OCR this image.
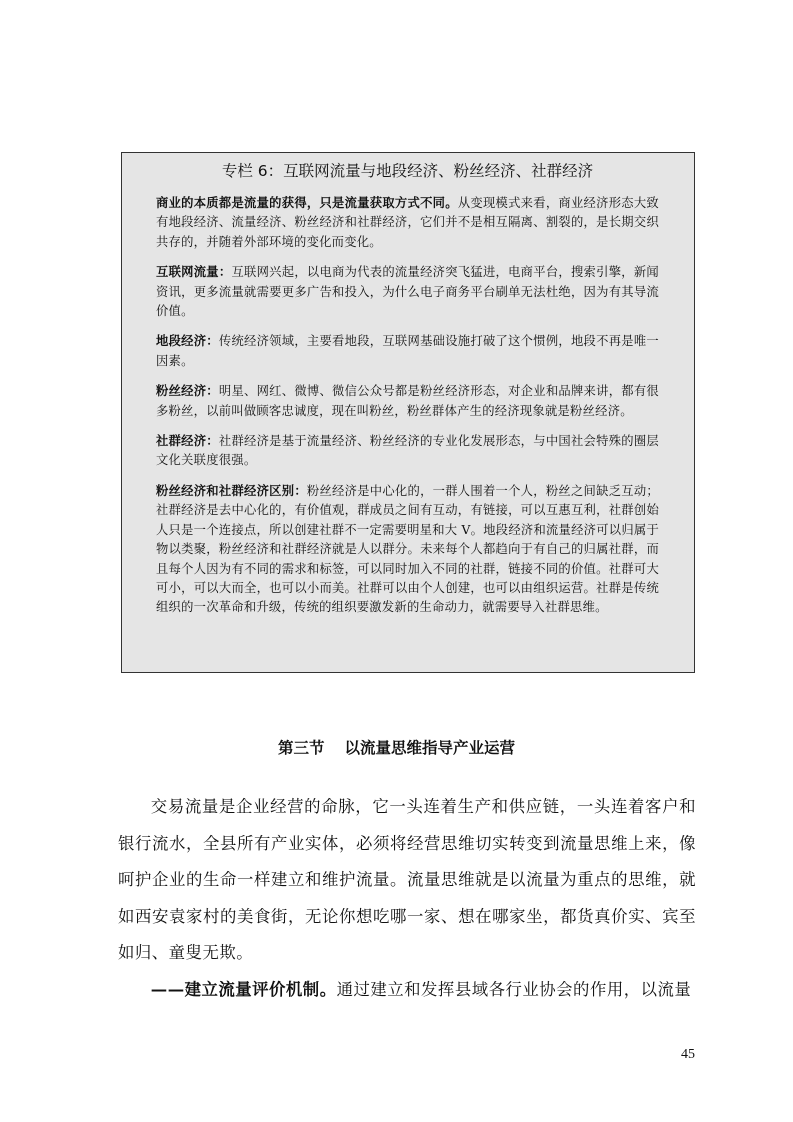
专栏 6：互联网流量与地段经济、粉丝经济、社群经济

商业的本质都是流量的获得，只是流量获取方式不同。从变现模式来看，商业经济形态大致有地段经济、流量经济、粉丝经济和社群经济，它们并不是相互隔离、割裂的，是长期交织共存的，并随着外部环境的变化而变化。

互联网流量：互联网兴起，以电商为代表的流量经济突飞猛进，电商平台，搜索引擎，新闻资讯，更多流量就需要更多广告和投入，为什么电子商务平台刷单无法杜绝，因为有其导流价值。

地段经济：传统经济领域，主要看地段，互联网基础设施打破了这个惯例，地段不再是唯一因素。

粉丝经济：明星、网红、微博、微信公众号都是粉丝经济形态，对企业和品牌来讲，都有很多粉丝，以前叫做顾客忠诚度，现在叫粉丝，粉丝群体产生的经济现象就是粉丝经济。

社群经济：社群经济是基于流量经济、粉丝经济的专业化发展形态，与中国社会特殊的圈层文化关联度很强。

粉丝经济和社群经济区别：粉丝经济是中心化的，一群人围着一个人，粉丝之间缺乏互动；社群经济是去中心化的，有价值观，群成员之间有互动，有链接，可以互惠互利，社群创始人只是一个连接点，所以创建社群不一定需要明星和大 V。地段经济和流量经济可以归属于物以类聚，粉丝经济和社群经济就是人以群分。未来每个人都趋向于有自己的归属社群，而且每个人因为有不同的需求和标签，可以同时加入不同的社群，链接不同的价值。社群可大可小，可以大而全，也可以小而美。社群可以由个人创建，也可以由组织运营。社群是传统组织的一次革命和升级，传统的组织要激发新的生命动力，就需要导入社群思维。

第三节 以流量思维指导产业运营

交易流量是企业经营的命脉，它一头连着生产和供应链，一头连着客户和银行流水，全县所有产业实体，必须将经营思维切实转变到流量思维上来，像呵护企业的生命一样建立和维护流量。流量思维就是以流量为重点的思维，就如西安袁家村的美食街，无论你想吃哪一家、想在哪家坐，都货真价实、宾至如归、童叟无欺。

——建立流量评价机制。通过建立和发挥县域各行业协会的作用，以流量

45
